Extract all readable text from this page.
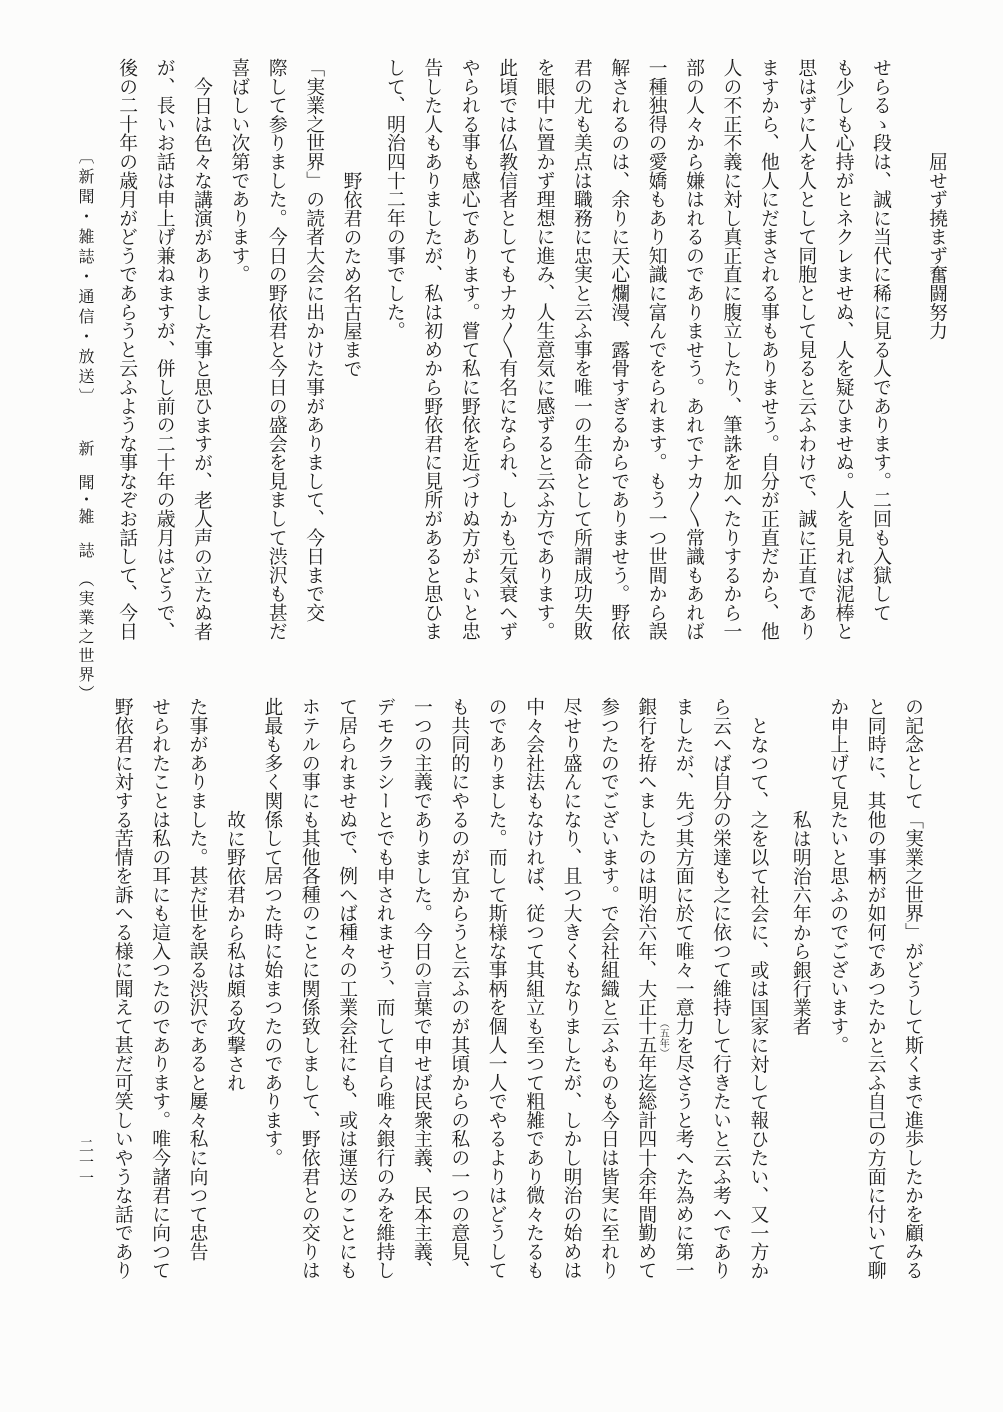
屈せず撓まず奮闘努力
せらるゝ段は、誠に当代に稀に見る人であります。二回も入獄して
も少しも心持がヒネクレませぬ、人を疑ひませぬ。人を見れば泥棒と
思はずに人を人として同胞として見ると云ふわけで、誠に正直であり
ますから、他人にだまされる事もありませう。自分が正直だから、他
人の不正不義に対し真正直に腹立したり、筆誅を加へたりするから一
部の人々から嫌はれるのでありませう。あれでナカ〳〵常識もあれば
一種独得の愛嬌もあり知識に富んでをられます。もう一つ世間から誤
解されるのは、余りに天心爛漫、露骨すぎるからでありませう。野依
君の尤も美点は職務に忠実と云ふ事を唯一の生命として所謂成功失敗
を眼中に置かず理想に進み、人生意気に感ずると云ふ方であります。
此頃では仏教信者としてもナカ〳〵有名になられ、しかも元気衰へず
やられる事も感心であります。嘗て私に野依を近づけぬ方がよいと忠
告した人もありましたが、私は初めから野依君に見所があると思ひま
して、明治四十二年の事でした。
野依君のため名古屋まで
「実業之世界」の読者大会に出かけた事がありまして、今日まで交
際して参りました。今日の野依君と今日の盛会を見まして渋沢も甚だ
喜ばしい次第であります。
今日は色々な講演がありました事と思ひますが、老人声の立たぬ者
が、長いお話は申上げ兼ねますが、併し前の二十年の歳月はどうで、
後の二十年の歳月がどうであらうと云ふような事なぞお話して、今日
の記念として「実業之世界」がどうして斯くまで進歩したかを顧みる
と同時に、其他の事柄が如何であつたかと云ふ自己の方面に付いて聊
か申上げて見たいと思ふのでございます。
私は明治六年から銀行業者
となつて、之を以て社会に、或は国家に対して報ひたい、又一方か
ら云へば自分の栄達も之に依つて維持して行きたいと云ふ考へであり
ましたが、先づ其方面に於て唯々一意力を尽さうと考へた為めに第一
銀行を拵へましたのは明治六年、大正十五年 （五年）
迄総計四十余年間勤めて
参つたのでございます。で会社組織と云ふものも今日は皆実に至れり
尽せり盛んになり、且つ大きくもなりましたが、しかし明治の始めは
中々会社法もなければ、従つて其組立も至つて粗雑であり微々たるも
のでありました。而して斯様な事柄を個人一人でやるよりはどうして
も共同的にやるのが宜からうと云ふのが其頃からの私の一つの意見、
一つの主義でありました。今日の言葉で申せば民衆主義、民本主義、
デモクラシーとでも申されませう、而して自ら唯々銀行のみを維持し
て居られませぬで、例へば種々の工業会社にも、或は運送のことにも
ホテルの事にも其他各種のことに関係致しまして、野依君との交りは
此最も多く関係して居つた時に始まつたのであります。
故に野依君から私は頗る攻撃され
た事がありました。甚だ世を誤る渋沢であると屢々私に向つて忠告
せられたことは私の耳にも這入つたのであります。唯今諸君に向つて
野依君に対する苦情を訴へる様に聞えて甚だ可笑しいやうな話であり
〔新聞・雑誌・通信・放送〕
新　聞・雑　誌
（実業之世界）
二一一
